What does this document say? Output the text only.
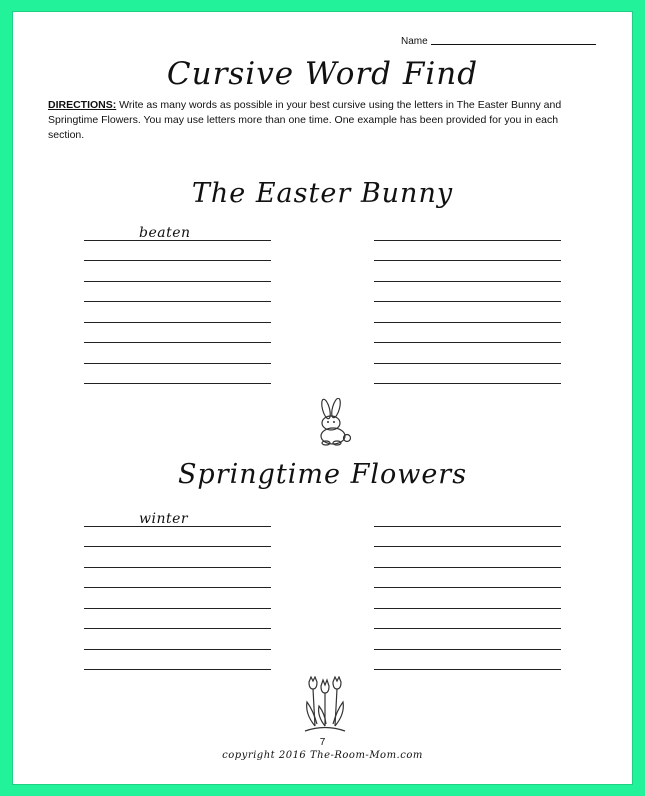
Name
Cursive Word Find
DIRECTIONS: Write as many words as possible in your best cursive using the letters in The Easter Bunny and Springtime Flowers. You may use letters more than one time. One example has been provided for you in each section.
The Easter Bunny
beaten
Springtime Flowers
winter
7
copyright 2016 The-Room-Mom.com
